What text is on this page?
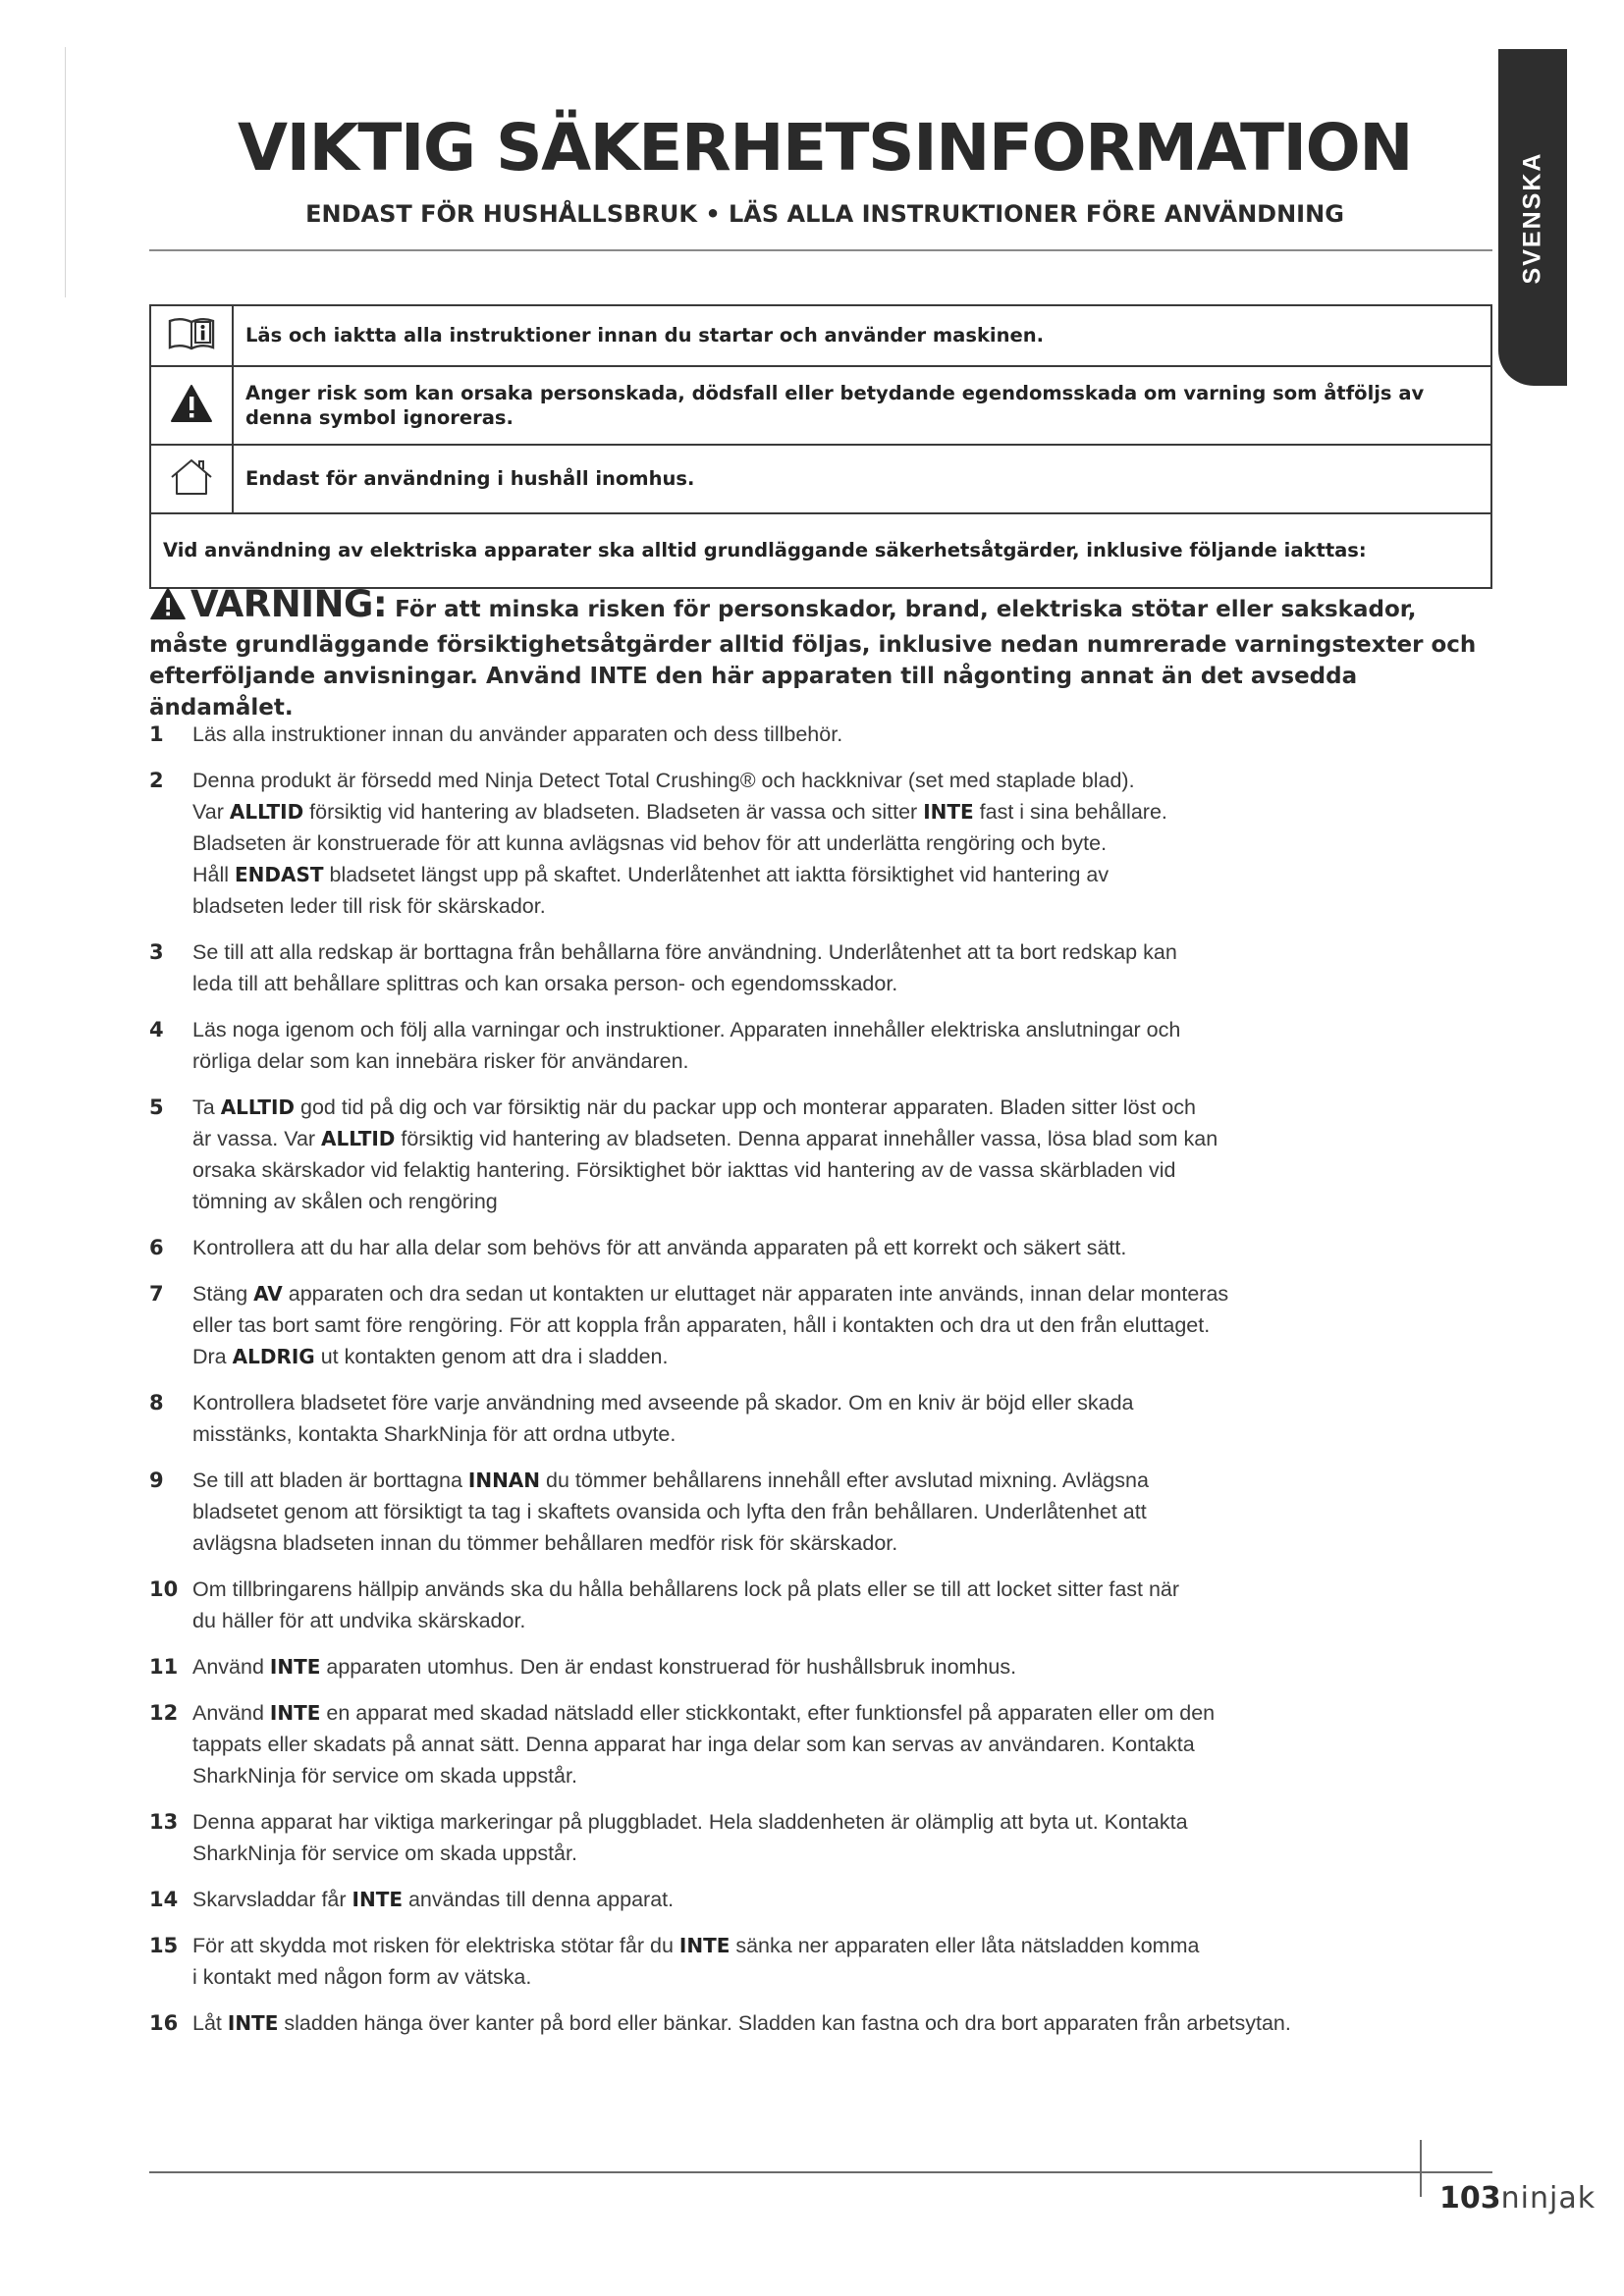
SVENSKA
VIKTIG SÄKERHETSINFORMATION
ENDAST FÖR HUSHÅLLSBRUK • LÄS ALLA INSTRUKTIONER FÖRE ANVÄNDNING
	Läs och iaktta alla instruktioner innan du startar och använder maskinen.
	Anger risk som kan orsaka personskada, dödsfall eller betydande egendomsskada om varning som åtföljs av denna symbol ignoreras.
	Endast för användning i hushåll inomhus.
Vid användning av elektriska apparater ska alltid grundläggande säkerhetsåtgärder, inklusive följande iakttas:	
VARNING: För att minska risken för personskador, brand, elektriska stötar eller sakskador, måste grundläggande försiktighetsåtgärder alltid följas, inklusive nedan numrerade varningstexter och efterföljande anvisningar. Använd INTE den här apparaten till någonting annat än det avsedda ändamålet.
1 Läs alla instruktioner innan du använder apparaten och dess tillbehör.
2 Denna produkt är försedd med Ninja Detect Total Crushing® och hackknivar (set med staplade blad).
Var ALLTID försiktig vid hantering av bladseten. Bladseten är vassa och sitter INTE fast i sina behållare.
Bladseten är konstruerade för att kunna avlägsnas vid behov för att underlätta rengöring och byte.
Håll ENDAST bladsetet längst upp på skaftet. Underlåtenhet att iaktta försiktighet vid hantering av
bladseten leder till risk för skärskador.
3 Se till att alla redskap är borttagna från behållarna före användning. Underlåtenhet att ta bort redskap kan
leda till att behållare splittras och kan orsaka person- och egendomsskador.
4 Läs noga igenom och följ alla varningar och instruktioner. Apparaten innehåller elektriska anslutningar och
rörliga delar som kan innebära risker för användaren.
5 Ta ALLTID god tid på dig och var försiktig när du packar upp och monterar apparaten. Bladen sitter löst och
är vassa. Var ALLTID försiktig vid hantering av bladseten. Denna apparat innehåller vassa, lösa blad som kan
orsaka skärskador vid felaktig hantering. Försiktighet bör iakttas vid hantering av de vassa skärbladen vid
tömning av skålen och rengöring
6 Kontrollera att du har alla delar som behövs för att använda apparaten på ett korrekt och säkert sätt.
7 Stäng AV apparaten och dra sedan ut kontakten ur eluttaget när apparaten inte används, innan delar monteras
eller tas bort samt före rengöring. För att koppla från apparaten, håll i kontakten och dra ut den från eluttaget.
Dra ALDRIG ut kontakten genom att dra i sladden.
8 Kontrollera bladsetet före varje användning med avseende på skador. Om en kniv är böjd eller skada
misstänks, kontakta SharkNinja för att ordna utbyte.
9 Se till att bladen är borttagna INNAN du tömmer behållarens innehåll efter avslutad mixning. Avlägsna
bladsetet genom att försiktigt ta tag i skaftets ovansida och lyfta den från behållaren. Underlåtenhet att
avlägsna bladseten innan du tömmer behållaren medför risk för skärskador.
10 Om tillbringarens hällpip används ska du hålla behållarens lock på plats eller se till att locket sitter fast när
du häller för att undvika skärskador.
11 Använd INTE apparaten utomhus. Den är endast konstruerad för hushållsbruk inomhus.
12 Använd INTE en apparat med skadad nätsladd eller stickkontakt, efter funktionsfel på apparaten eller om den
tappats eller skadats på annat sätt. Denna apparat har inga delar som kan servas av användaren. Kontakta
SharkNinja för service om skada uppstår.
13 Denna apparat har viktiga markeringar på pluggbladet. Hela sladdenheten är olämplig att byta ut. Kontakta
SharkNinja för service om skada uppstår.
14 Skarvsladdar får INTE användas till denna apparat.
15 För att skydda mot risken för elektriska stötar får du INTE sänka ner apparaten eller låta nätsladden komma
i kontakt med någon form av vätska.
16 Låt INTE sladden hänga över kanter på bord eller bänkar. Sladden kan fastna och dra bort apparaten från arbetsytan.
103ninjak
